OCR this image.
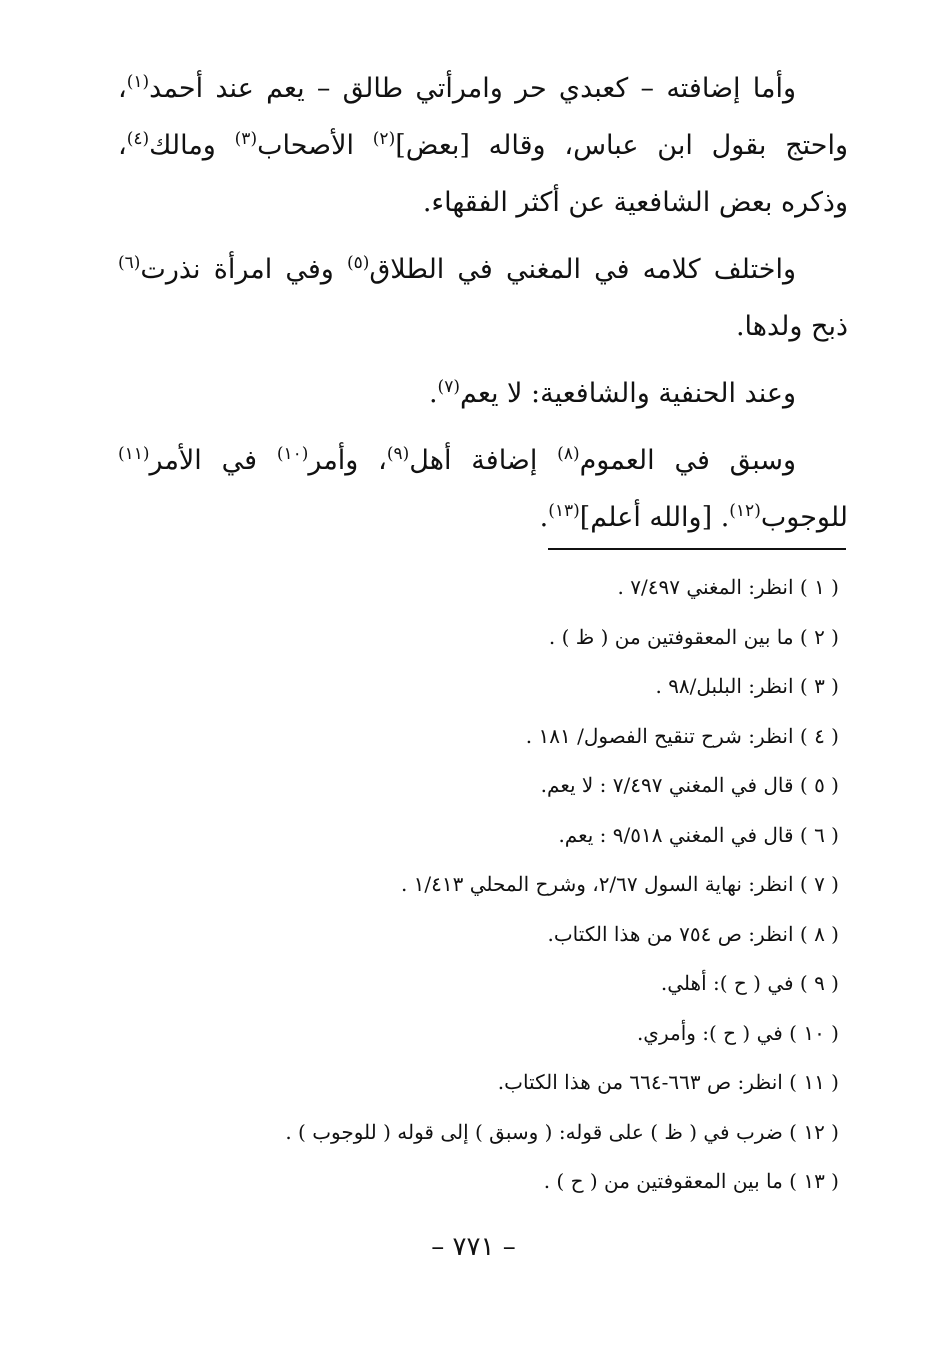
وأما إضافته – كعبدي حر وامرأتي طالق – يعم عند أحمد$^{(١)}$، واحتج بقول ابن عباس، وقاله [بعض]$^{(٢)}$ الأصحاب$^{(٣)}$ ومالك$^{(٤)}$، وذكره بعض الشافعية عن أكثر الفقهاء.

واختلف كلامه في المغني في الطلاق$^{(٥)}$ وفي امرأة نذرت$^{(٦)}$ ذبح ولدها.

وعند الحنفية والشافعية: لا يعم$^{(٧)}$.

وسبق في العموم$^{(٨)}$ إضافة أهل$^{(٩)}$، وأمر$^{(١٠)}$ في الأمر$^{(١١)}$ للوجوب$^{(١٢)}$. [والله أعلم]$^{(١٣)}$.

( ١ ) انظر: المغني ٧/٤٩٧ .
( ٢ ) ما بين المعقوفتين من ( ظ ) .
( ٣ ) انظر: البلبل/٩٨ .
( ٤ ) انظر: شرح تنقيح الفصول/ ١٨١ .
( ٥ ) قال في المغني ٧/٤٩٧ : لا يعم.
( ٦ ) قال في المغني ٩/٥١٨ : يعم.
( ٧ ) انظر: نهاية السول ٢/٦٧، وشرح المحلي ١/٤١٣ .
( ٨ ) انظر: ص ٧٥٤ من هذا الكتاب.
( ٩ ) في ( ح ): أهلي.
( ١٠ ) في ( ح ): وأمري.
( ١١ ) انظر: ص ٦٦٣-٦٦٤ من هذا الكتاب.
( ١٢ ) ضرب في ( ظ ) على قوله: ( وسبق ) إلى قوله ( للوجوب ) .
( ١٣ ) ما بين المعقوفتين من ( ح ) .
– ٧٧١ –
